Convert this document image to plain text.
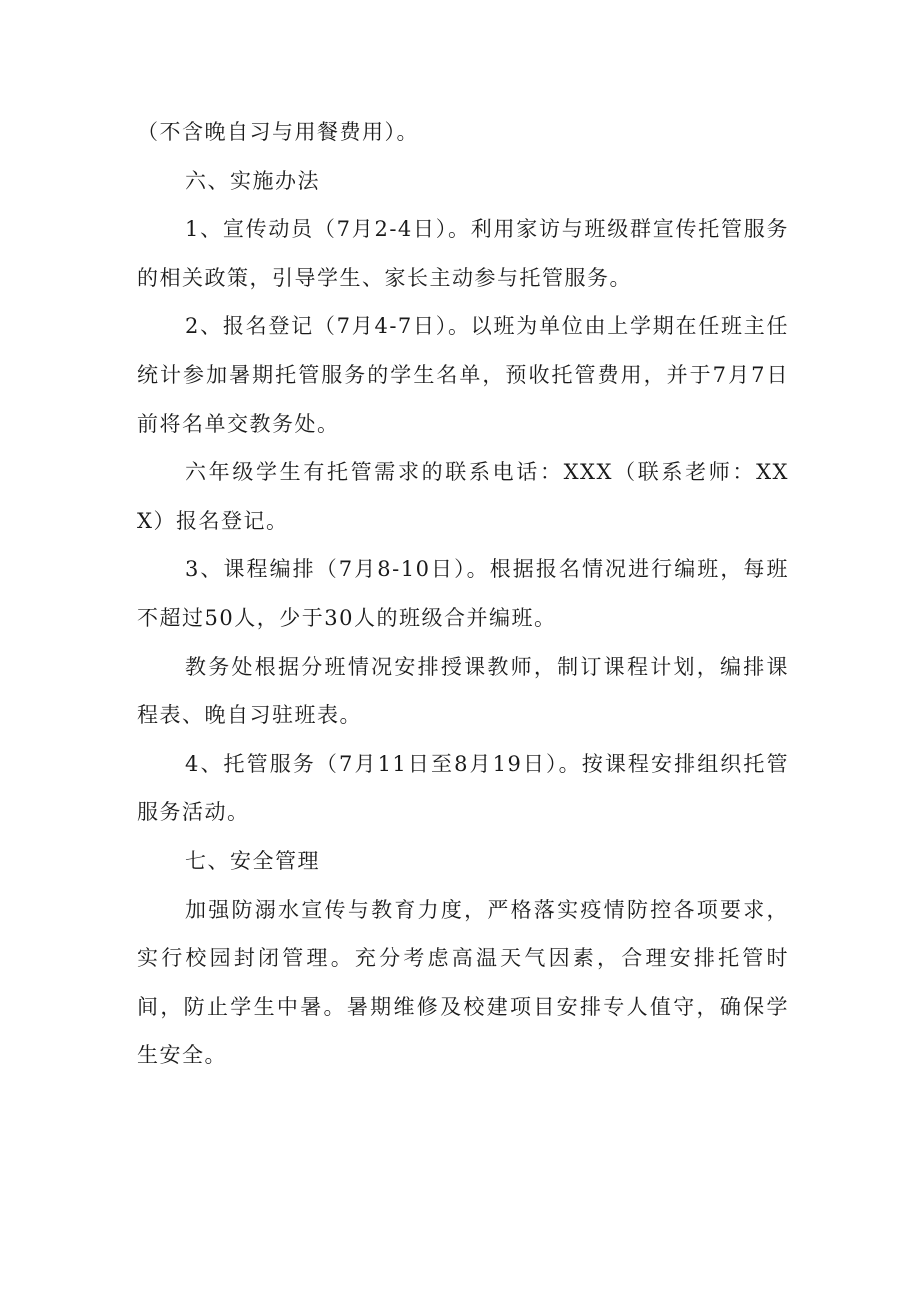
（不含晚自习与用餐费用）。

六、实施办法

1、宣传动员（7月2-4日）。利用家访与班级群宣传托管服务的相关政策，引导学生、家长主动参与托管服务。

2、报名登记（7月4-7日）。以班为单位由上学期在任班主任统计参加暑期托管服务的学生名单，预收托管费用，并于7月7日前将名单交教务处。

六年级学生有托管需求的联系电话：XXX（联系老师：XXX）报名登记。

3、课程编排（7月8-10日）。根据报名情况进行编班，每班不超过50人，少于30人的班级合并编班。

教务处根据分班情况安排授课教师，制订课程计划，编排课程表、晚自习驻班表。

4、托管服务（7月11日至8月19日）。按课程安排组织托管服务活动。

七、安全管理

加强防溺水宣传与教育力度，严格落实疫情防控各项要求，实行校园封闭管理。充分考虑高温天气因素，合理安排托管时间，防止学生中暑。暑期维修及校建项目安排专人值守，确保学生安全。
